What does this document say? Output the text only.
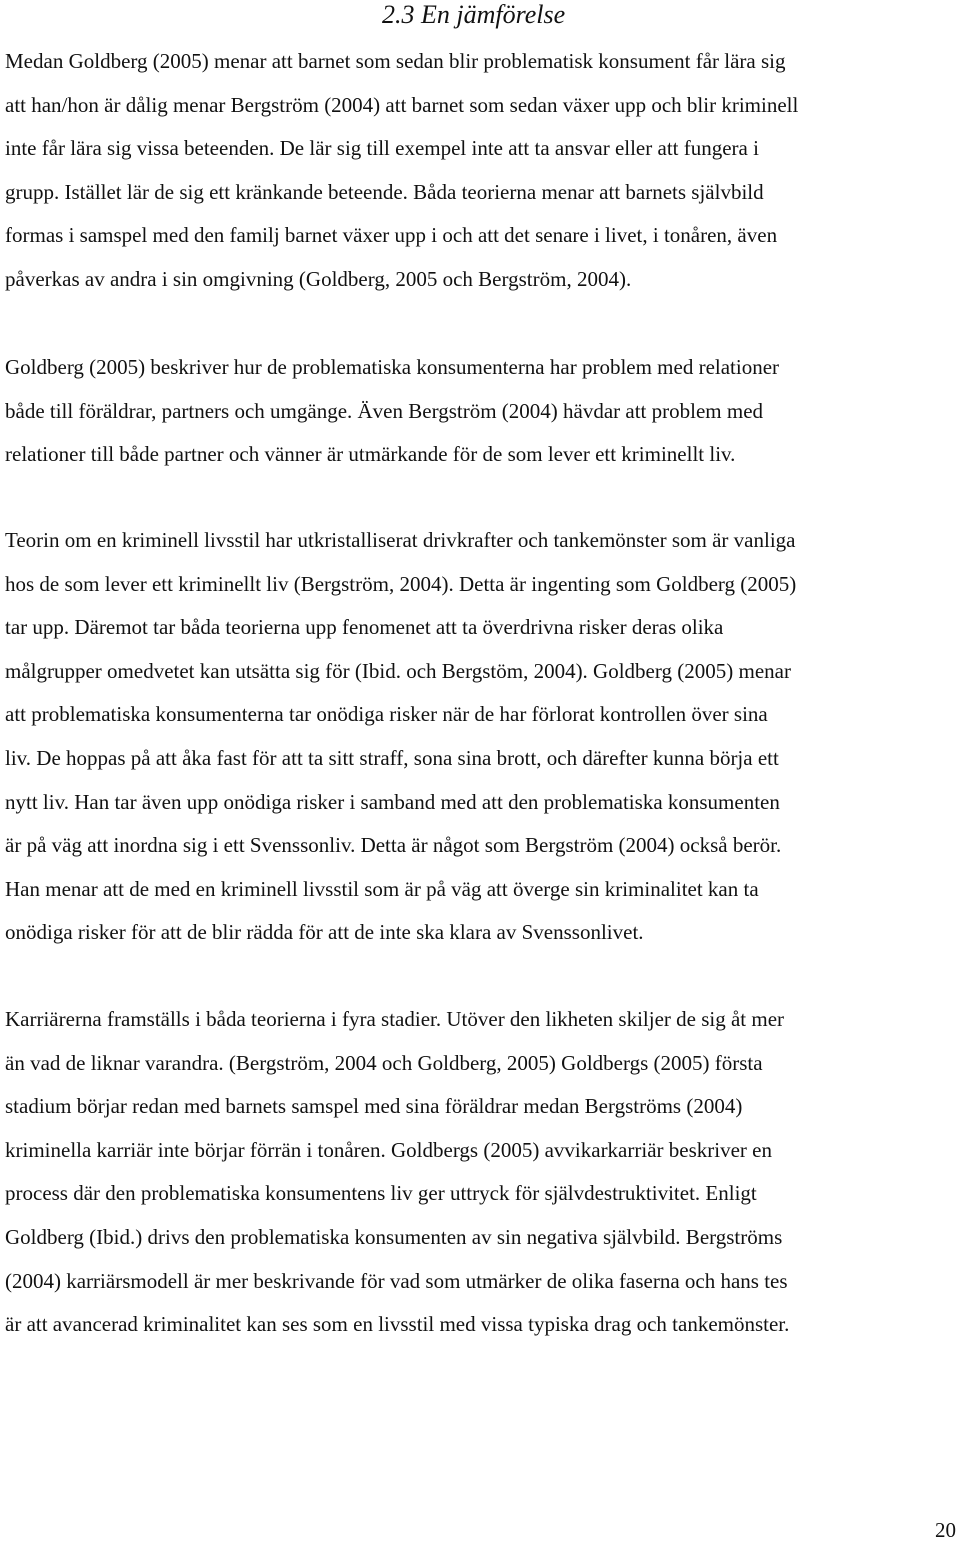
2.3 En jämförelse

Medan Goldberg (2005) menar att barnet som sedan blir problematisk konsument får lära sig
att han/hon är dålig menar Bergström (2004) att barnet som sedan växer upp och blir kriminell
inte får lära sig vissa beteenden. De lär sig till exempel inte att ta ansvar eller att fungera i
grupp. Istället lär de sig ett kränkande beteende. Båda teorierna menar att barnets självbild
formas i samspel med den familj barnet växer upp i och att det senare i livet, i tonåren, även
påverkas av andra i sin omgivning (Goldberg, 2005 och Bergström, 2004).

Goldberg (2005) beskriver hur de problematiska konsumenterna har problem med relationer
både till föräldrar, partners och umgänge. Även Bergström (2004) hävdar att problem med
relationer till både partner och vänner är utmärkande för de som lever ett kriminellt liv.

Teorin om en kriminell livsstil har utkristalliserat drivkrafter och tankemönster som är vanliga
hos de som lever ett kriminellt liv (Bergström, 2004). Detta är ingenting som Goldberg (2005)
tar upp. Däremot tar båda teorierna upp fenomenet att ta överdrivna risker deras olika
målgrupper omedvetet kan utsätta sig för (Ibid. och Bergstöm, 2004). Goldberg (2005) menar
att problematiska konsumenterna tar onödiga risker när de har förlorat kontrollen över sina
liv. De hoppas på att åka fast för att ta sitt straff, sona sina brott, och därefter kunna börja ett
nytt liv. Han tar även upp onödiga risker i samband med att den problematiska konsumenten
är på väg att inordna sig i ett Svenssonliv. Detta är något som Bergström (2004) också berör.
Han menar att de med en kriminell livsstil som är på väg att överge sin kriminalitet kan ta
onödiga risker för att de blir rädda för att de inte ska klara av Svenssonlivet.

Karriärerna framställs i båda teorierna i fyra stadier. Utöver den likheten skiljer de sig åt mer
än vad de liknar varandra. (Bergström, 2004 och Goldberg, 2005) Goldbergs (2005) första
stadium börjar redan med barnets samspel med sina föräldrar medan Bergströms (2004)
kriminella karriär inte börjar förrän i tonåren. Goldbergs (2005) avvikarkarriär beskriver en
process där den problematiska konsumentens liv ger uttryck för självdestruktivitet. Enligt
Goldberg (Ibid.) drivs den problematiska konsumenten av sin negativa självbild. Bergströms
(2004) karriärsmodell är mer beskrivande för vad som utmärker de olika faserna och hans tes
är att avancerad kriminalitet kan ses som en livsstil med vissa typiska drag och tankemönster.

20
